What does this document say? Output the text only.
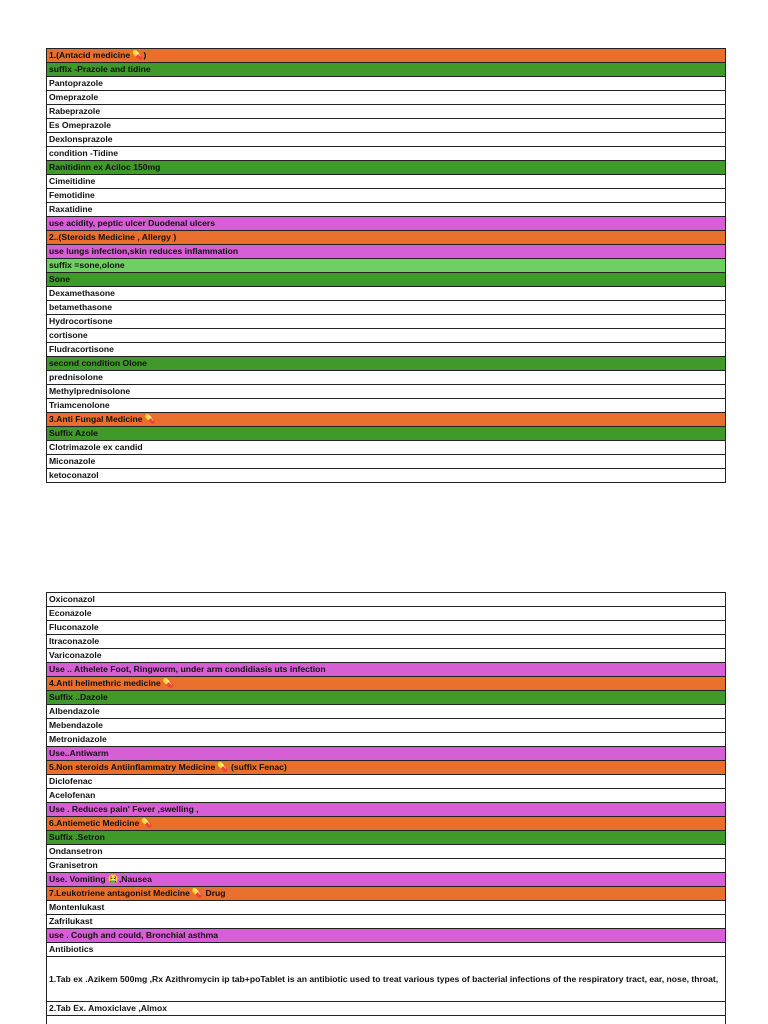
1.(Antacid medicine 💊)
suffix -Prazole and tidine
Pantoprazole
Omeprazole
Rabeprazole
Es Omeprazole
Dexlonsprazole
condition -Tidine
Ranitidinn ex Aciloc 150mg
Cimeitidine
Femotidine
Raxatidine
use acidity, peptic ulcer Duodenal ulcers
2..(Steroids Medicine , Allergy )
use lungs infection,skin reduces inflammation
suffix =sone,olone
Sone
Dexamethasone
betamethasone
Hydrocortisone
cortisone
Fludracortisone
second condition Olone
prednisolone
Methylprednisolone
Triamcenolone
3.Anti Fungal Medicine 💊
Suffix Azole
Clotrimazole ex candid
Miconazole
ketoconazol
Oxiconazol
Econazole
Fluconazole
Itraconazole
Variconazole
Use .. Athelete Foot, Ringworm, under arm condidiasis uts infection
4.Anti helimethric medicine 💊
Suffix ..Dazole
Albendazole
Mebendazole
Metronidazole
Use..Antiwarm
5.Non steroids Antiinflammatry Medicine 💊 (suffix Fenac)
Diclofenac
Acelofenan
Use . Reduces pain' Fever ,swelling ,
6.Antiemetic Medicine 💊
Suffix .Setron
Ondansetron
Granisetron
Use. Vomiting 🤮,Nausea
7.Leukotriene antagonist Medicine 💊 Drug
Montenlukast
Zafrilukast
use . Cough and could, Bronchial asthma
Antibiotics
1.Tab ex .Azikem 500mg ,Rx Azithromycin ip tab+poTablet is an antibiotic used to treat various types of bacterial infections of the respiratory tract, ear, nose, throat,
2.Tab Ex. Amoxiclave ,Almox
